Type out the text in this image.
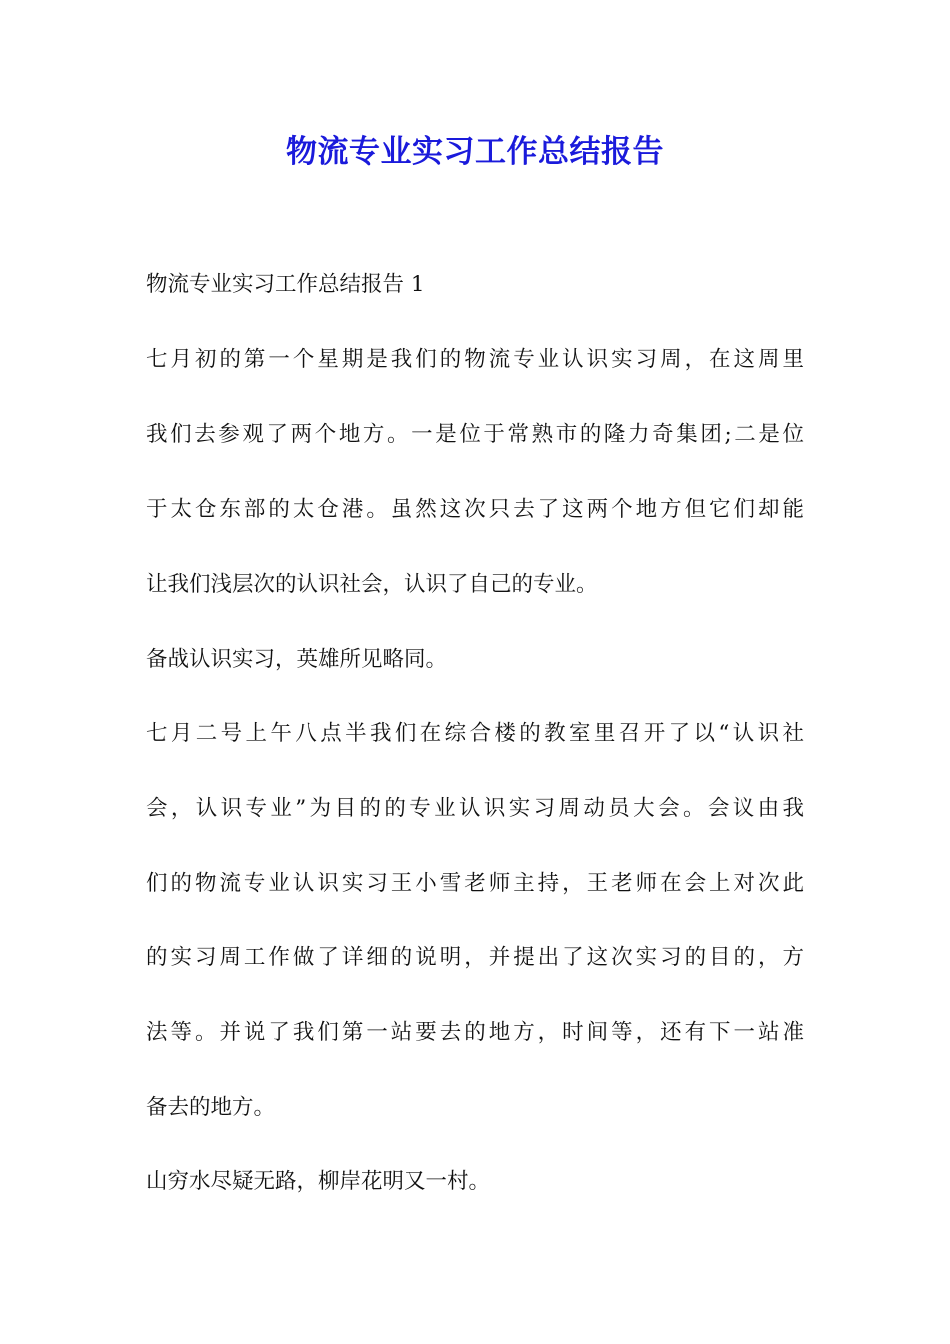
物流专业实习工作总结报告
物流专业实习工作总结报告 1
七月初的第一个星期是我们的物流专业认识实习周，在这周里
我们去参观了两个地方。一是位于常熟市的隆力奇集团;二是位
于太仓东部的太仓港。虽然这次只去了这两个地方但它们却能
让我们浅层次的认识社会，认识了自己的专业。
备战认识实习，英雄所见略同。
七月二号上午八点半我们在综合楼的教室里召开了以“认识社
会，认识专业”为目的的专业认识实习周动员大会。会议由我
们的物流专业认识实习王小雪老师主持，王老师在会上对次此
的实习周工作做了详细的说明，并提出了这次实习的目的，方
法等。并说了我们第一站要去的地方，时间等，还有下一站准
备去的地方。
山穷水尽疑无路，柳岸花明又一村。
